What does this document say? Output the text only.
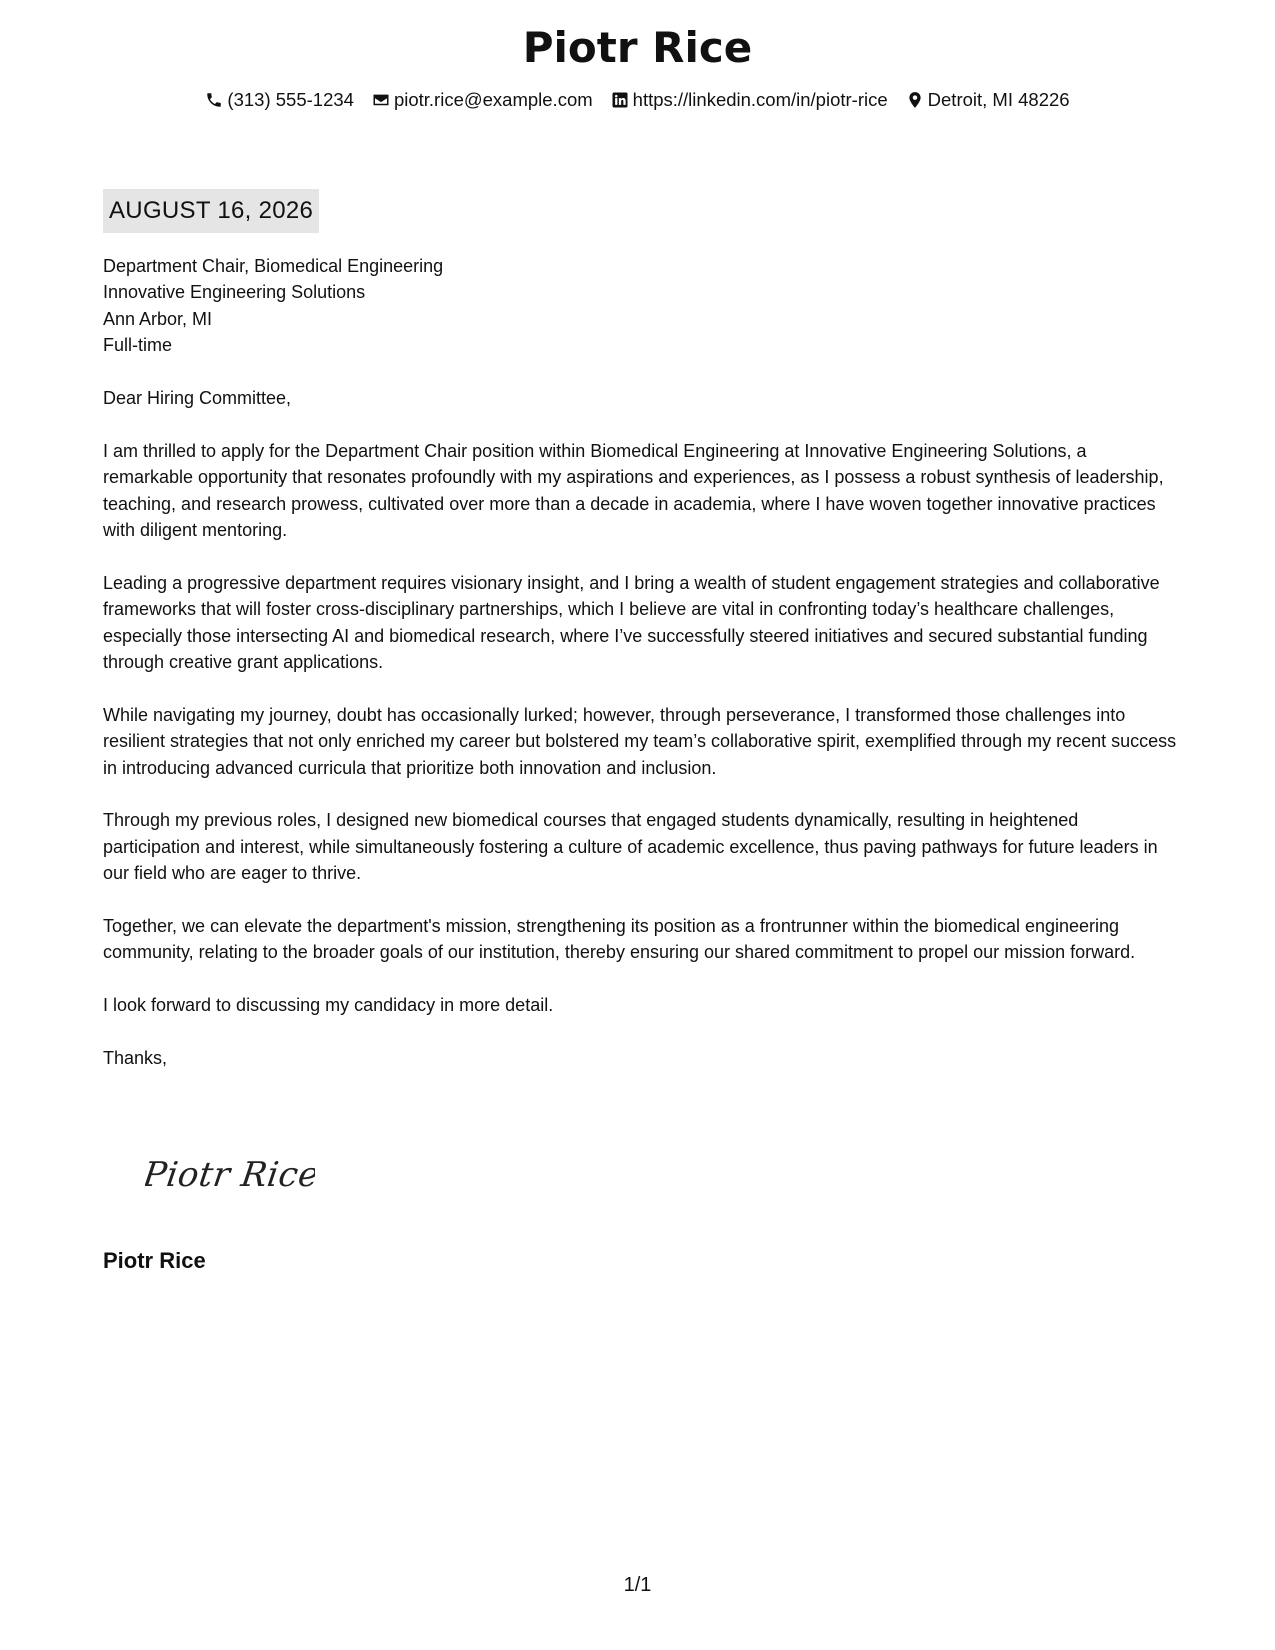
Piotr Rice
(313) 555-1234 piotr.rice@example.com https://linkedin.com/in/piotr-rice Detroit, MI 48226
AUGUST 16, 2026
Department Chair, Biomedical Engineering
Innovative Engineering Solutions
Ann Arbor, MI
Full-time

Dear Hiring Committee,

I am thrilled to apply for the Department Chair position within Biomedical Engineering at Innovative Engineering Solutions, a remarkable opportunity that resonates profoundly with my aspirations and experiences, as I possess a robust synthesis of leadership, teaching, and research prowess, cultivated over more than a decade in academia, where I have woven together innovative practices with diligent mentoring.

Leading a progressive department requires visionary insight, and I bring a wealth of student engagement strategies and collaborative frameworks that will foster cross-disciplinary partnerships, which I believe are vital in confronting today’s healthcare challenges, especially those intersecting AI and biomedical research, where I’ve successfully steered initiatives and secured substantial funding through creative grant applications.

While navigating my journey, doubt has occasionally lurked; however, through perseverance, I transformed those challenges into resilient strategies that not only enriched my career but bolstered my team’s collaborative spirit, exemplified through my recent success in introducing advanced curricula that prioritize both innovation and inclusion.

Through my previous roles, I designed new biomedical courses that engaged students dynamically, resulting in heightened participation and interest, while simultaneously fostering a culture of academic excellence, thus paving pathways for future leaders in our field who are eager to thrive.

Together, we can elevate the department's mission, strengthening its position as a frontrunner within the biomedical engineering community, relating to the broader goals of our institution, thereby ensuring our shared commitment to propel our mission forward.

I look forward to discussing my candidacy in more detail.

Thanks,

Piotr Rice
Piotr Rice
1/1
